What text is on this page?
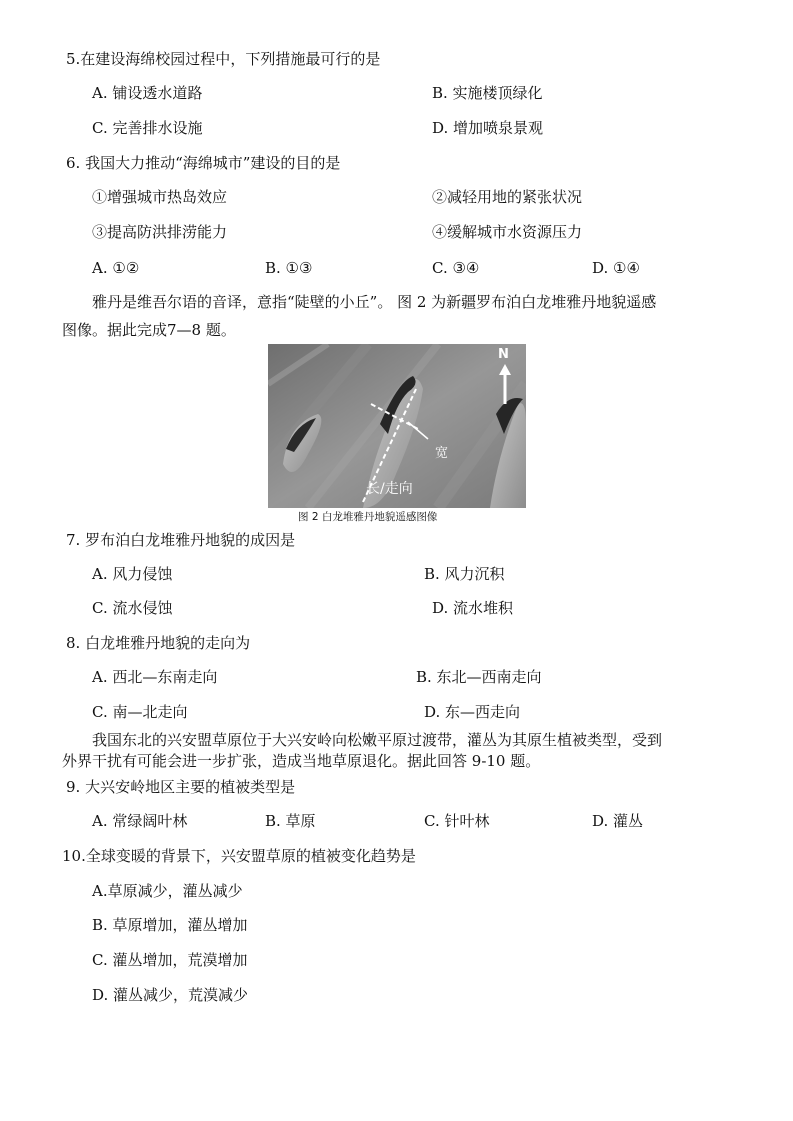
5.在建设海绵校园过程中，下列措施最可行的是
A. 铺设透水道路	B. 实施楼顶绿化
C. 完善排水设施	D. 增加喷泉景观
6. 我国大力推动“海绵城市”建设的目的是
①增强城市热岛效应	②减轻用地的紧张状况
③提高防洪排涝能力	④缓解城市水资源压力
A. ①②	B. ①③	C. ③④	D. ①④
雅丹是维吾尔语的音译，意指“陡壁的小丘”。 图 2 为新疆罗布泊白龙堆雅丹地貌遥感
图像。据此完成7—8 题。
N
宽
长/走向
图 2 白龙堆雅丹地貌遥感图像
7. 罗布泊白龙堆雅丹地貌的成因是
A. 风力侵蚀	B. 风力沉积
C. 流水侵蚀	D. 流水堆积
8. 白龙堆雅丹地貌的走向为
A. 西北—东南走向	B. 东北—西南走向
C. 南—北走向	D. 东—西走向
我国东北的兴安盟草原位于大兴安岭向松嫩平原过渡带，灌丛为其原生植被类型，受到
外界干扰有可能会进一步扩张，造成当地草原退化。据此回答 9-10 题。
9. 大兴安岭地区主要的植被类型是
A. 常绿阔叶林	B. 草原	C. 针叶林	D. 灌丛
10.全球变暖的背景下，兴安盟草原的植被变化趋势是
A.草原减少，灌丛减少
B. 草原增加，灌丛增加
C. 灌丛增加，荒漠增加
D. 灌丛减少，荒漠减少
